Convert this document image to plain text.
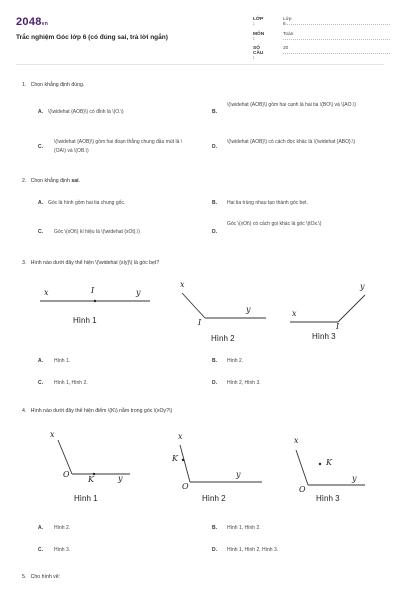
2048vn
Trắc nghiệm Góc lớp 6 (có đúng sai, trả lời ngắn)
LỚP :
Lớp 6
MÔN :
Toán
SỐ CÂU :
20
1. Chọn khẳng định đúng.
A. \(\widehat {AOB}\) có đỉnh là \(O.\)	B.
\(\widehat {AOB}\) gồm hai cạnh là hai tia \(BO\) và \(AO.\)
C.
\(\widehat {AOB}\) gồm hai đoạn thẳng chung đầu mút là \(OA\) và \(OB.\)
D.
\(\widehat {AOB}\) có cách đọc khác là \(\widehat {ABO}.\)
2. Chọn khẳng định sai.
A. Góc là hình gồm hai tia chung gốc.	B. Hai tia trùng nhau tạo thành góc bẹt.
C. Góc \(xOt\) kí hiệu là \(\widehat {xOt}.\)	D.
Góc \(xOt\) có cách gọi khác là góc \(tOx.\)
3. Hình nào dưới đây thể hiện \(\widehat {xIy}\) là góc bẹt?
x	I	y
Hình 1
x
I
y
Hình 2
x
I
y
Hình 3
A. Hình 1.	B. Hình 2.
C. Hình 1, Hình 2.	D. Hình 2, Hình 3.
4. Hình nào dưới đây thể hiện điểm \(K\) nằm trong góc \(xOy?\)
x
O
K	y
Hình 1
x
K
O
y
Hình 2
x
K
O
y
Hình 3
A. Hình 2.	B. Hình 1, Hình 2.
C. Hình 3.	D. Hình 1, Hình 2, Hình 3.
5. Cho hình vẽ:
